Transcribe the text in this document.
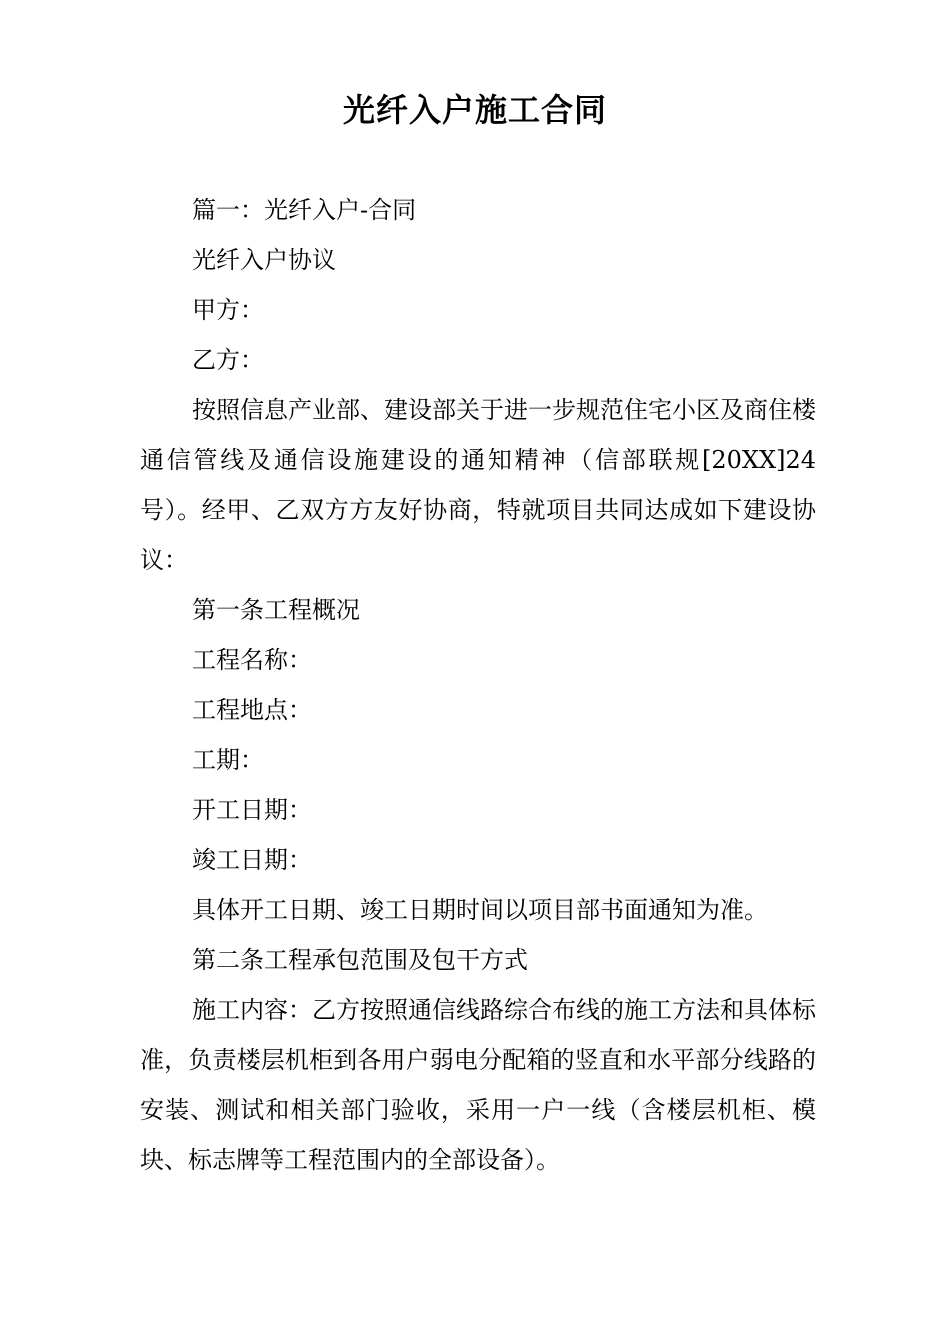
光纤入户施工合同

篇一：光纤入户-合同

光纤入户协议

甲方：

乙方：

按照信息产业部、建设部关于进一步规范住宅小区及商住楼通信管线及通信设施建设的通知精神（信部联规[20XX]24号）。经甲、乙双方方友好协商，特就项目共同达成如下建设协议：

第一条工程概况

工程名称：

工程地点：

工期：

开工日期：

竣工日期：

具体开工日期、竣工日期时间以项目部书面通知为准。

第二条工程承包范围及包干方式

施工内容：乙方按照通信线路综合布线的施工方法和具体标准，负责楼层机柜到各用户弱电分配箱的竖直和水平部分线路的安装、测试和相关部门验收，采用一户一线（含楼层机柜、模块、标志牌等工程范围内的全部设备）。
